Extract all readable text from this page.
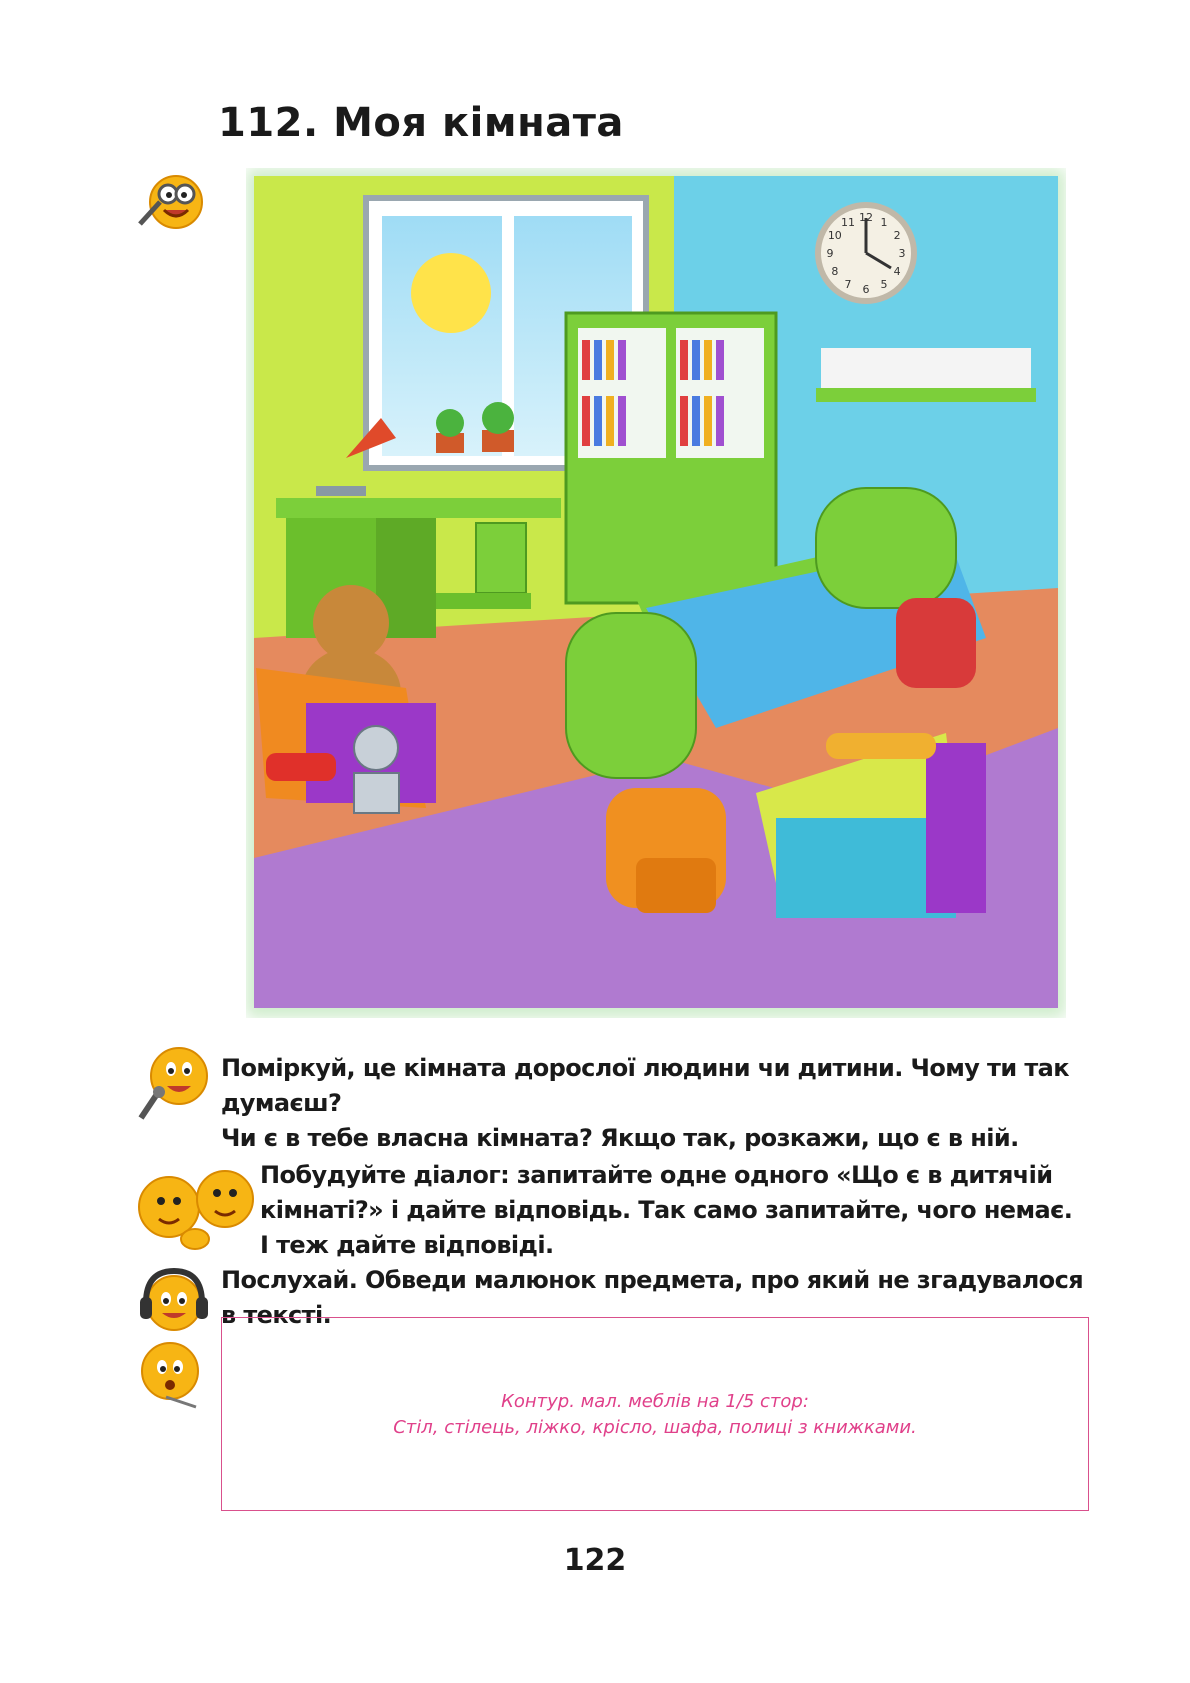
112. Моя кімната
12 1
2
3
4
5
6
7
8
9
10
11

Поміркуй, це кімната дорослої людини чи дитини. Чому ти так

думаєш?

Чи є в тебе власна кімната? Якщо так, розкажи, що є в ній.

Побудуйте діалог: запитайте одне одного «Що є в дитячій

кімнаті?» і дайте відповідь. Так само запитайте, чого немає.

І теж дайте відповіді.

Послухай. Обведи малюнок предмета, про який не згадувалося

в тексті.

Контур. мал. меблів на 1/5 стор:
Стіл, стілець, ліжко, крісло, шафа, полиці з книжками.
122
